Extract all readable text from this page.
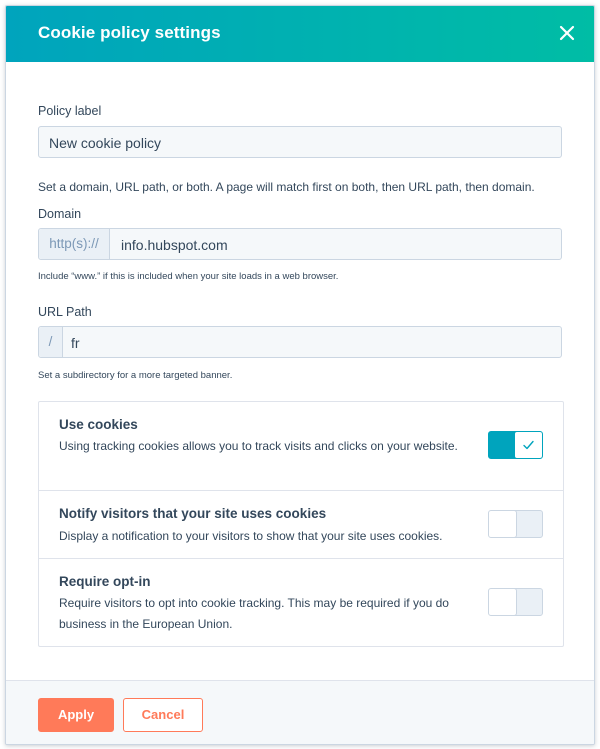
Cookie policy settings
Policy label
New cookie policy
Set a domain, URL path, or both. A page will match first on both, then URL path, then domain.
Domain
http(s)://	info.hubspot.com
Include “www.” if this is included when your site loads in a web browser.
URL Path
/	fr
Set a subdirectory for a more targeted banner.
Use cookies
Using tracking cookies allows you to track visits and clicks on your website.
Notify visitors that your site uses cookies
Display a notification to your visitors to show that your site uses cookies.
Require opt-in
Require visitors to opt into cookie tracking. This may be required if you do business in the European Union.
Apply	Cancel
